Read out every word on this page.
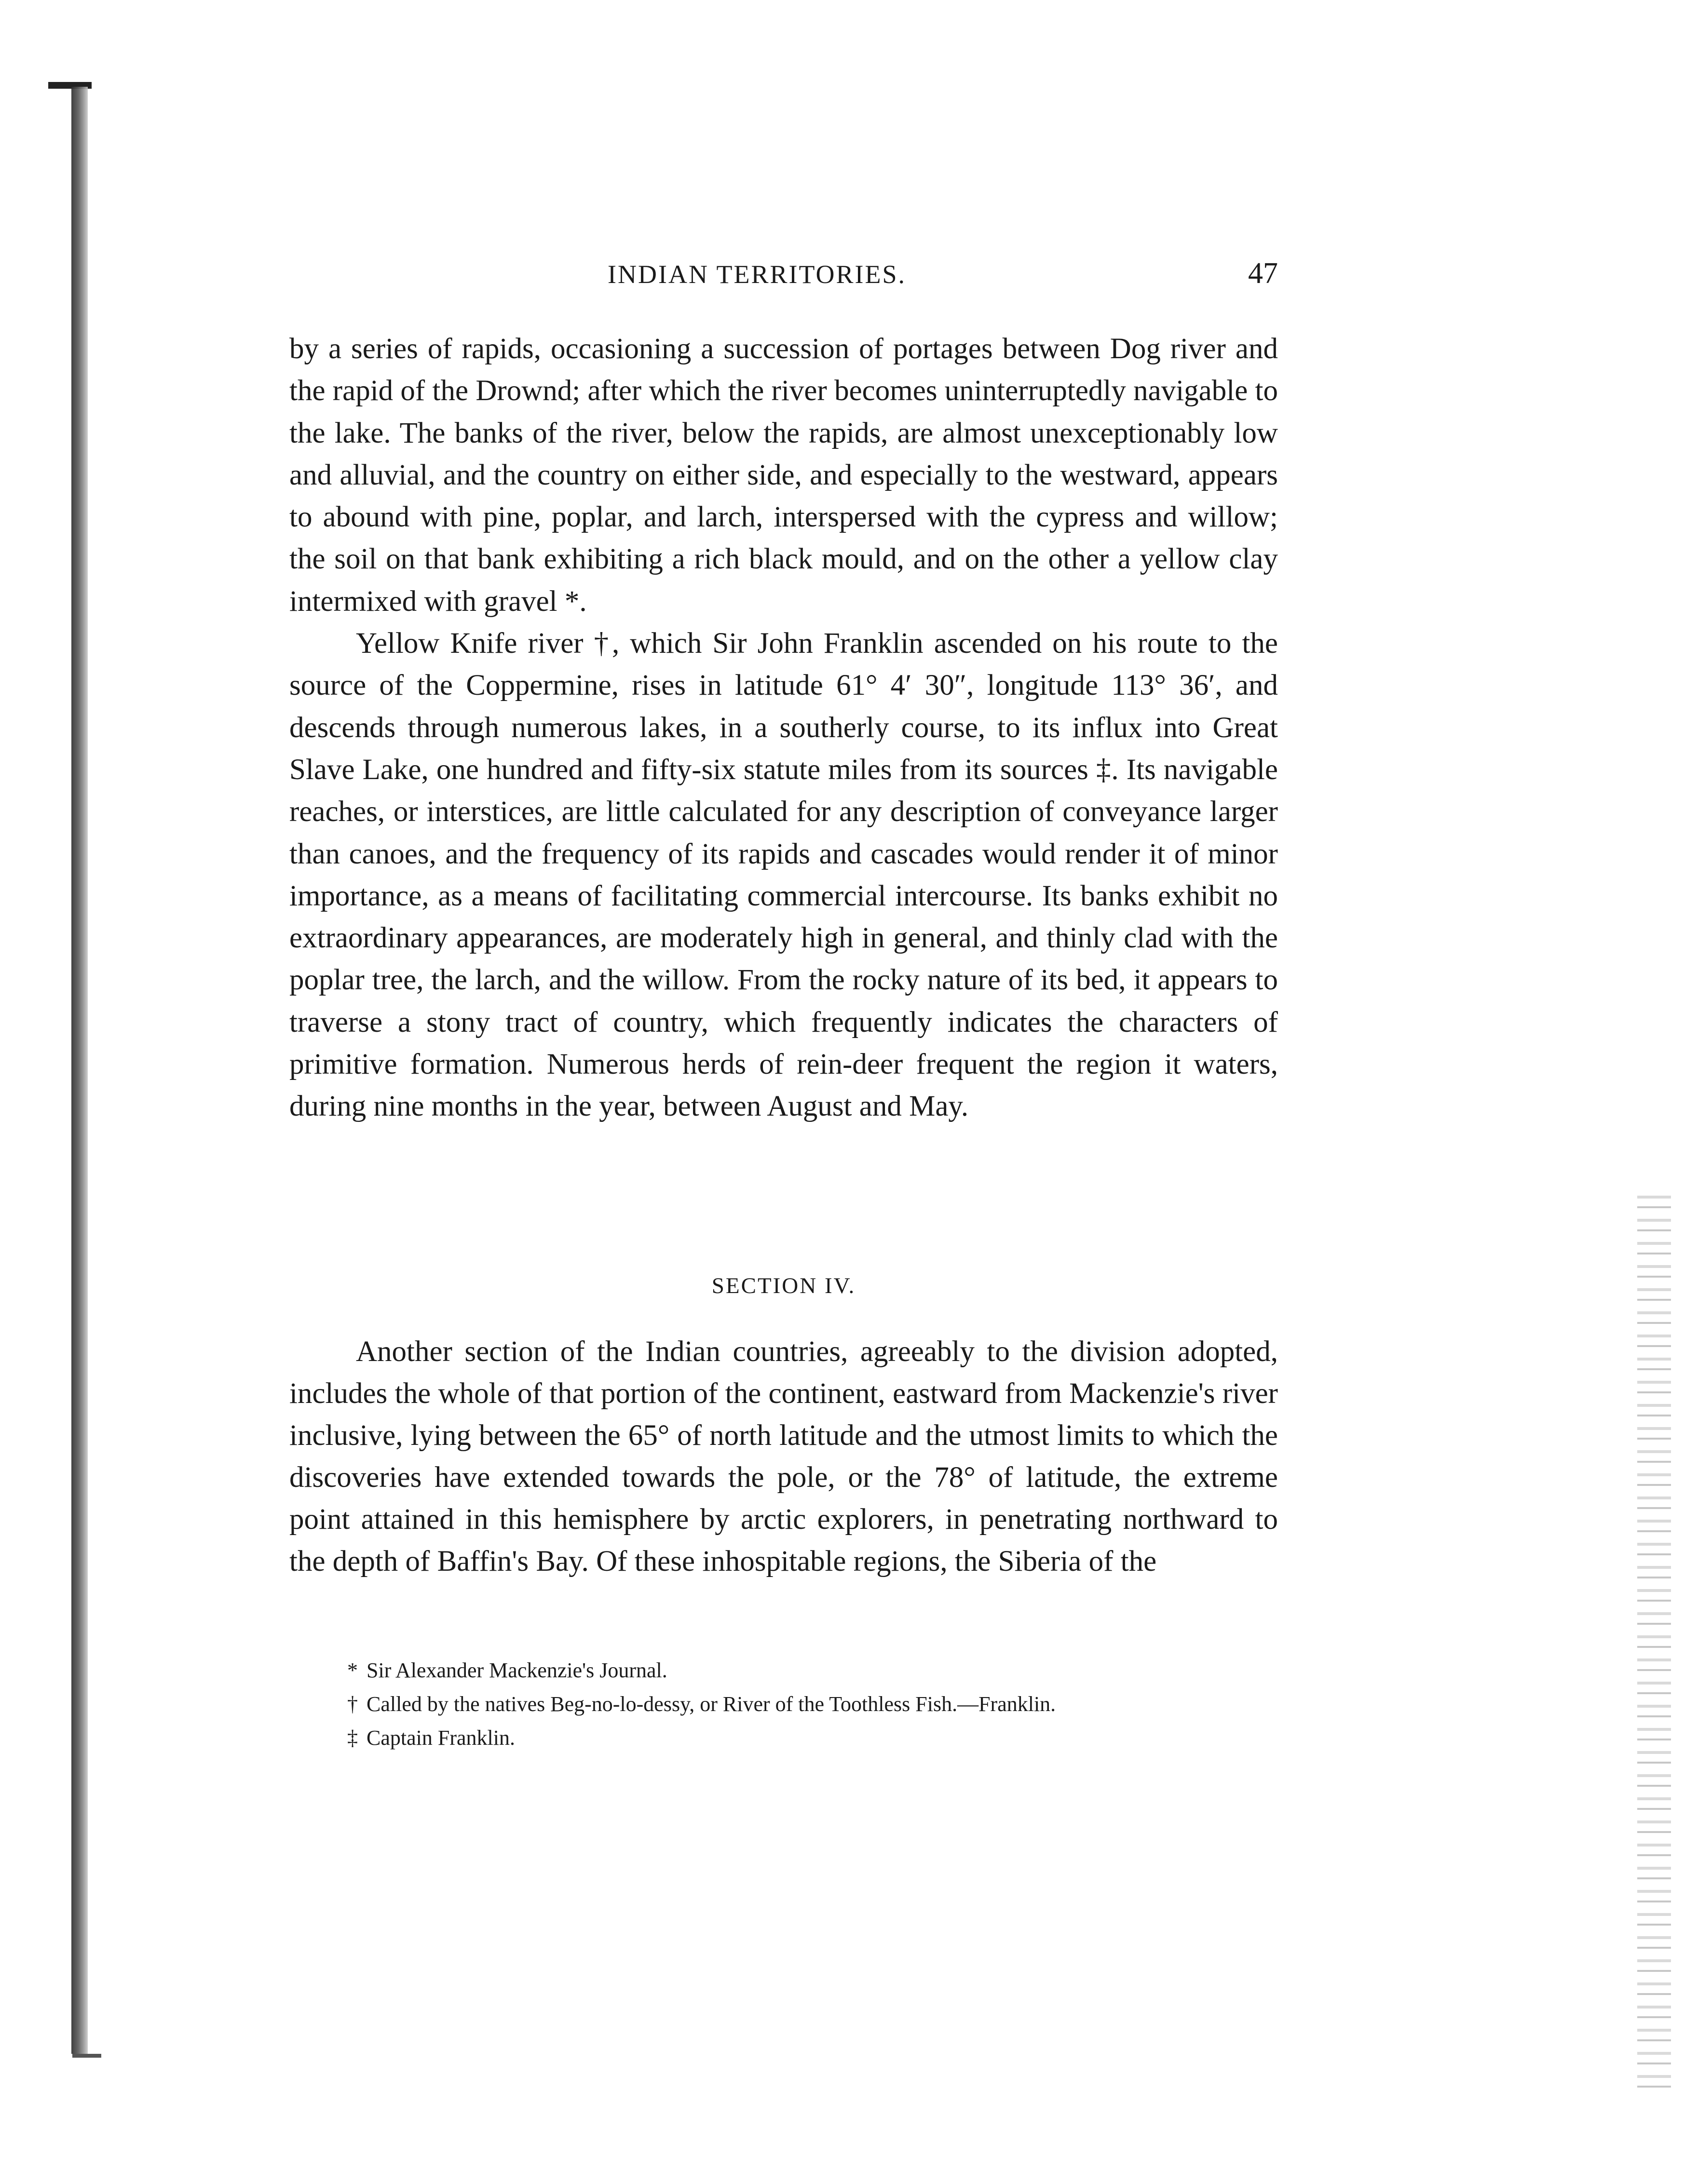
INDIAN TERRITORIES.	47

by a series of rapids, occasioning a succession of portages between Dog river and the rapid of the Drownd; after which the river becomes uninterruptedly navigable to the lake. The banks of the river, below the rapids, are almost unexceptionably low and alluvial, and the country on either side, and especially to the westward, appears to abound with pine, poplar, and larch, interspersed with the cypress and willow; the soil on that bank exhibiting a rich black mould, and on the other a yellow clay intermixed with gravel *.

Yellow Knife river †, which Sir John Franklin ascended on his route to the source of the Coppermine, rises in latitude 61° 4′ 30″, longitude 113° 36′, and descends through numerous lakes, in a southerly course, to its influx into Great Slave Lake, one hundred and fifty-six statute miles from its sources ‡. Its navigable reaches, or interstices, are little calculated for any description of conveyance larger than canoes, and the frequency of its rapids and cascades would render it of minor importance, as a means of facilitating commercial intercourse. Its banks exhibit no extraordinary appearances, are moderately high in general, and thinly clad with the poplar tree, the larch, and the willow. From the rocky nature of its bed, it appears to traverse a stony tract of country, which frequently indicates the characters of primitive formation. Numerous herds of rein-deer frequent the region it waters, during nine months in the year, between August and May.

SECTION IV.

Another section of the Indian countries, agreeably to the division adopted, includes the whole of that portion of the continent, eastward from Mackenzie's river inclusive, lying between the 65° of north latitude and the utmost limits to which the discoveries have extended towards the pole, or the 78° of latitude, the extreme point attained in this hemisphere by arctic explorers, in penetrating northward to the depth of Baffin's Bay. Of these inhospitable regions, the Siberia of the

* Sir Alexander Mackenzie's Journal.
† Called by the natives Beg-no-lo-dessy, or River of the Toothless Fish.—Franklin.
‡ Captain Franklin.
